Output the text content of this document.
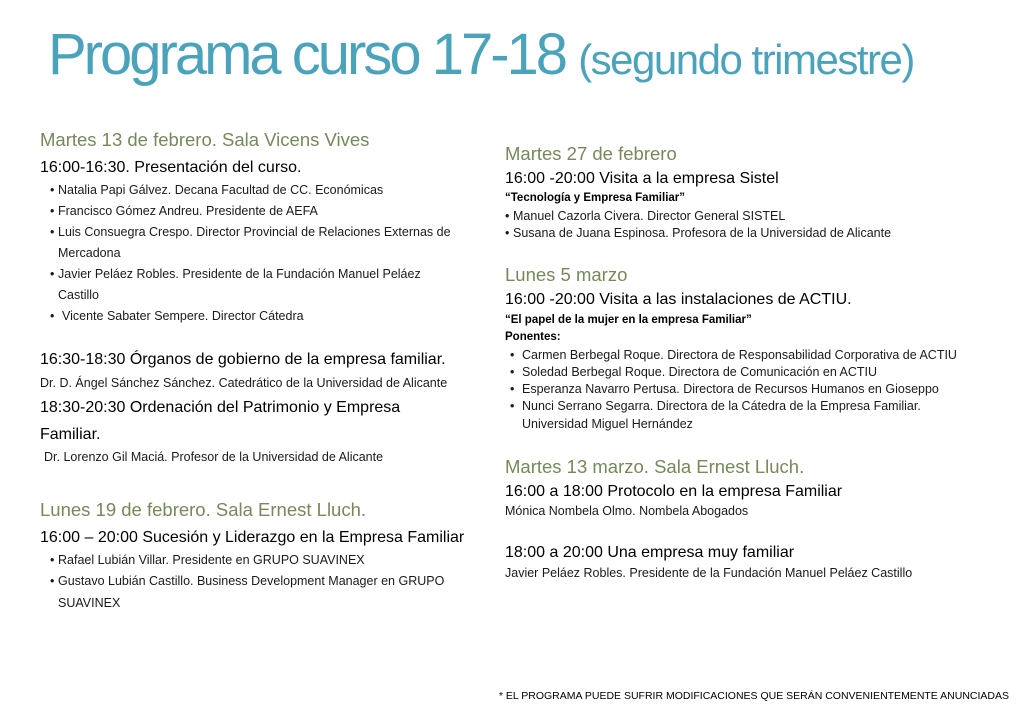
Programa curso 17-18 (segundo trimestre)
Martes 13 de febrero. Sala Vicens Vives
16:00-16:30. Presentación del curso.
• Natalia Papi Gálvez. Decana Facultad de CC. Económicas
• Francisco Gómez Andreu. Presidente de AEFA
• Luis Consuegra Crespo. Director Provincial de Relaciones Externas de Mercadona
• Javier Peláez Robles. Presidente de la Fundación Manuel Peláez Castillo
• Vicente Sabater Sempere. Director Cátedra
16:30-18:30 Órganos de gobierno de la empresa familiar.
Dr. D. Ángel Sánchez Sánchez. Catedrático de la Universidad de Alicante
18:30-20:30 Ordenación del Patrimonio y Empresa Familiar.
Dr. Lorenzo Gil Maciá. Profesor de la Universidad de Alicante
Lunes 19 de febrero. Sala Ernest Lluch.
16:00 – 20:00 Sucesión y Liderazgo en la Empresa Familiar
• Rafael Lubián Villar. Presidente en GRUPO SUAVINEX
• Gustavo Lubián Castillo. Business Development Manager en GRUPO SUAVINEX
Martes 27 de febrero
16:00 -20:00 Visita a la empresa Sistel
“Tecnología y Empresa Familiar”
• Manuel Cazorla Civera. Director General SISTEL
• Susana de Juana Espinosa. Profesora de la Universidad de Alicante
Lunes 5 marzo
16:00 -20:00 Visita a las instalaciones de ACTIU.
“El papel de la mujer en la empresa Familiar”
Ponentes:
• Carmen Berbegal Roque. Directora de Responsabilidad Corporativa de ACTIU
• Soledad Berbegal Roque. Directora de Comunicación en ACTIU
• Esperanza Navarro Pertusa. Directora de Recursos Humanos en Gioseppo
• Nunci Serrano Segarra. Directora de la Cátedra de la Empresa Familiar. Universidad Miguel Hernández
Martes 13 marzo. Sala Ernest Lluch.
16:00 a 18:00 Protocolo en la empresa Familiar
Mónica Nombela Olmo. Nombela Abogados
18:00 a 20:00 Una empresa muy familiar
Javier Peláez Robles. Presidente de la Fundación Manuel Peláez Castillo
* EL PROGRAMA PUEDE SUFRIR MODIFICACIONES QUE SERÁN CONVENIENTEMENTE ANUNCIADAS
